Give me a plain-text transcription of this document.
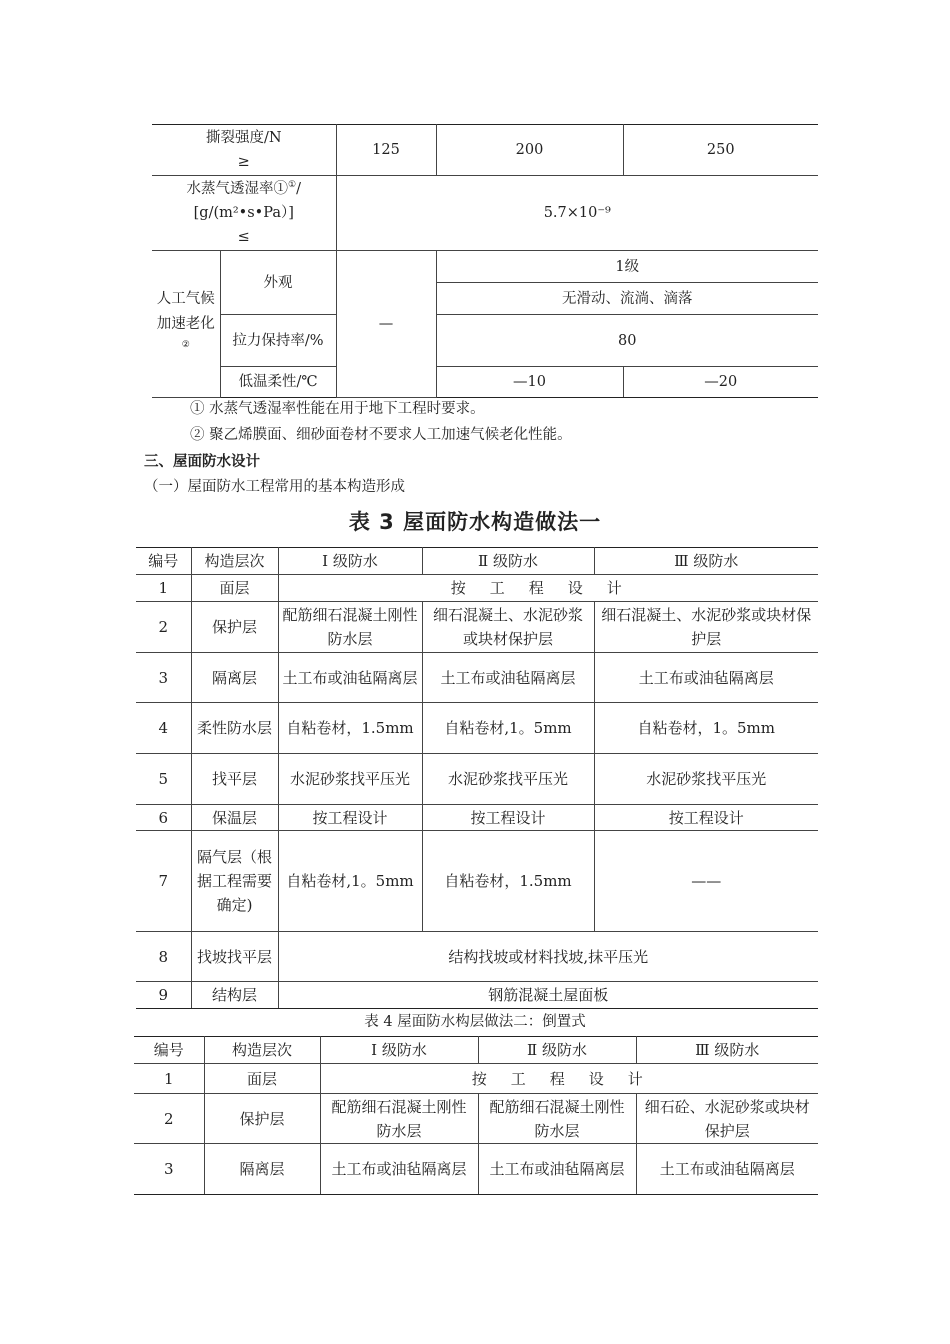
撕裂强度/N
≥		125	200	250
水蒸气透湿率①①/
[g/(m²•s•Pa）]
≤		5.7×10⁻⁹		
人工气候加速老化②	外观	—	1级	
			无滑动、流淌、滴落	
	拉力保持率/%		80	
	低温柔性/℃		—10	—20
① 水蒸气透湿率性能在用于地下工程时要求。
② 聚乙烯膜面、细砂面卷材不要求人工加速气候老化性能。
三、屋面防水设计
（一）屋面防水工程常用的基本构造形成
表 3 屋面防水构造做法一
编号	构造层次	Ⅰ 级防水	Ⅱ 级防水	Ⅲ 级防水
1	面层	按工程设计		
2	保护层	配筋细石混凝土刚性防水层	细石混凝土、水泥砂浆或块材保护层	细石混凝土、水泥砂浆或块材保护层
3	隔离层	土工布或油毡隔离层	土工布或油毡隔离层	土工布或油毡隔离层
4	柔性防水层	自粘卷材，1.5mm	自粘卷材,1。5mm	自粘卷材，1。5mm
5	找平层	水泥砂浆找平压光	水泥砂浆找平压光	水泥砂浆找平压光
6	保温层	按工程设计	按工程设计	按工程设计
7	隔气层（根据工程需要确定)	自粘卷材,1。5mm	自粘卷材，1.5mm	——
8	找坡找平层	结构找坡或材料找坡,抹平压光		
9	结构层	钢筋混凝土屋面板		
表 4 屋面防水构层做法二：倒置式
编号	构造层次	Ⅰ 级防水	Ⅱ 级防水	Ⅲ 级防水
1	面层	按工程设计		
2	保护层	配筋细石混凝土刚性防水层	配筋细石混凝土刚性防水层	细石砼、水泥砂浆或块材保护层
3	隔离层	土工布或油毡隔离层	土工布或油毡隔离层	土工布或油毡隔离层
